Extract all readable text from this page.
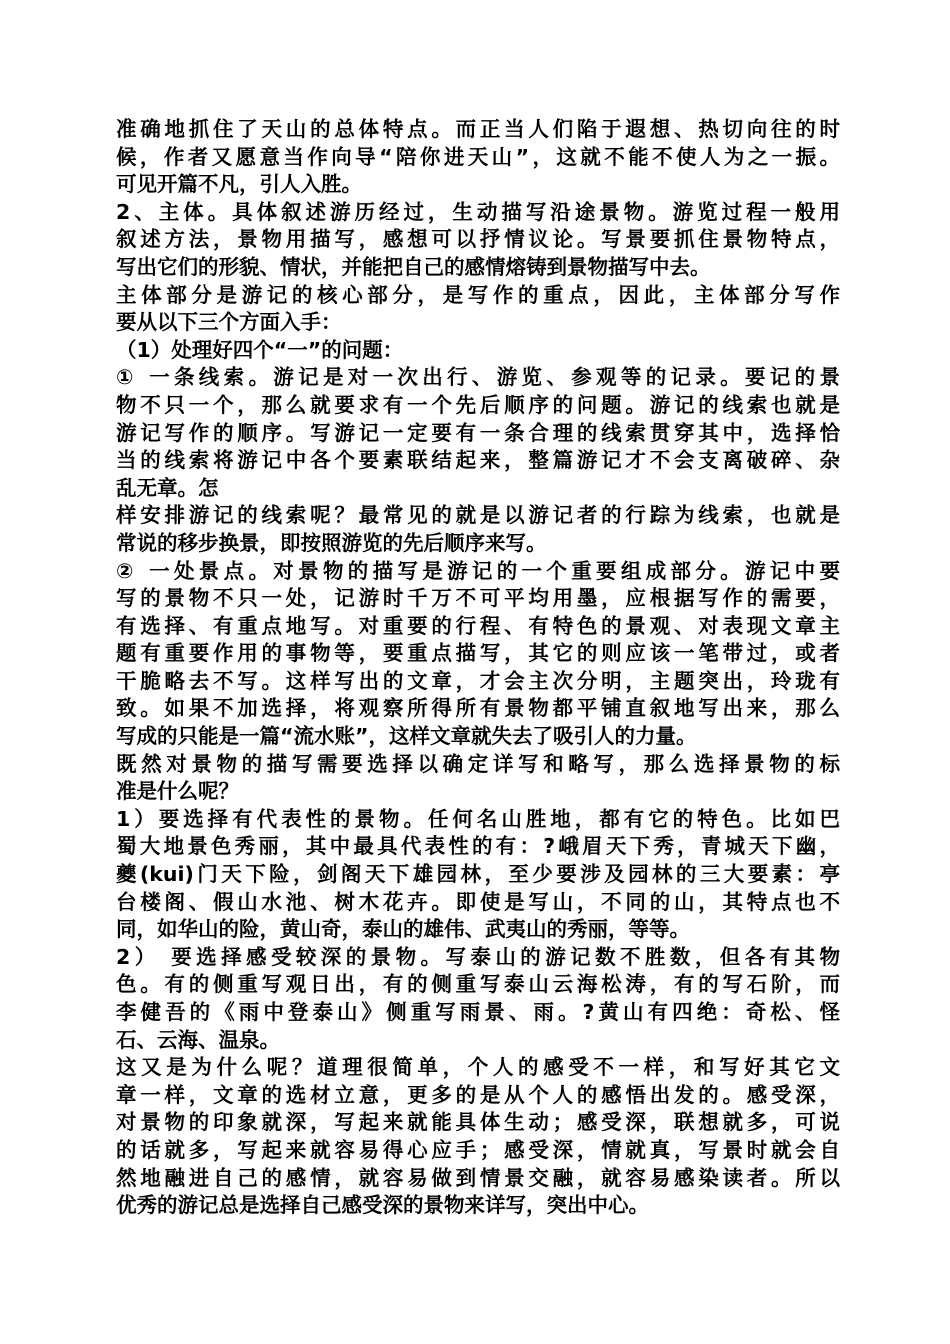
准确地抓住了天山的总体特点。而正当人们陷于遐想、热切向往的时
候，作者又愿意当作向导“陪你进天山”，这就不能不使人为之一振。
可见开篇不凡，引人入胜。
2、主体。具体叙述游历经过，生动描写沿途景物。游览过程一般用
叙述方法，景物用描写，感想可以抒情议论。写景要抓住景物特点，
写出它们的形貌、情状，并能把自己的感情熔铸到景物描写中去。
主体部分是游记的核心部分，是写作的重点，因此，主体部分写作
要从以下三个方面入手：
（1）处理好四个“一”的问题：
① 一条线索。游记是对一次出行、游览、参观等的记录。要记的景
物不只一个，那么就要求有一个先后顺序的问题。游记的线索也就是
游记写作的顺序。写游记一定要有一条合理的线索贯穿其中，选择恰
当的线索将游记中各个要素联结起来，整篇游记才不会支离破碎、杂
乱无章。怎
样安排游记的线索呢？最常见的就是以游记者的行踪为线索，也就是
常说的移步换景，即按照游览的先后顺序来写。
② 一处景点。对景物的描写是游记的一个重要组成部分。游记中要
写的景物不只一处，记游时千万不可平均用墨，应根据写作的需要，
有选择、有重点地写。对重要的行程、有特色的景观、对表现文章主
题有重要作用的事物等，要重点描写，其它的则应该一笔带过，或者
干脆略去不写。这样写出的文章，才会主次分明，主题突出，玲珑有
致。如果不加选择，将观察所得所有景物都平铺直叙地写出来，那么
写成的只能是一篇“流水账”，这样文章就失去了吸引人的力量。
既然对景物的描写需要选择以确定详写和略写，那么选择景物的标
准是什么呢？
1）要选择有代表性的景物。任何名山胜地，都有它的特色。比如巴
蜀大地景色秀丽，其中最具代表性的有：?峨眉天下秀，青城天下幽，
夔(kui)门天下险，剑阁天下雄园林，至少要涉及园林的三大要素：亭
台楼阁、假山水池、树木花卉。即使是写山，不同的山，其特点也不
同，如华山的险，黄山奇，泰山的雄伟、武夷山的秀丽，等等。
2） 要选择感受较深的景物。写泰山的游记数不胜数，但各有其物
色。有的侧重写观日出，有的侧重写泰山云海松涛，有的写石阶，而
李健吾的《雨中登泰山》侧重写雨景、雨。?黄山有四绝：奇松、怪
石、云海、温泉。
这又是为什么呢？道理很简单，个人的感受不一样，和写好其它文
章一样，文章的选材立意，更多的是从个人的感悟出发的。感受深，
对景物的印象就深，写起来就能具体生动；感受深，联想就多，可说
的话就多，写起来就容易得心应手；感受深，情就真，写景时就会自
然地融进自己的感情，就容易做到情景交融，就容易感染读者。所以
优秀的游记总是选择自己感受深的景物来详写，突出中心。
